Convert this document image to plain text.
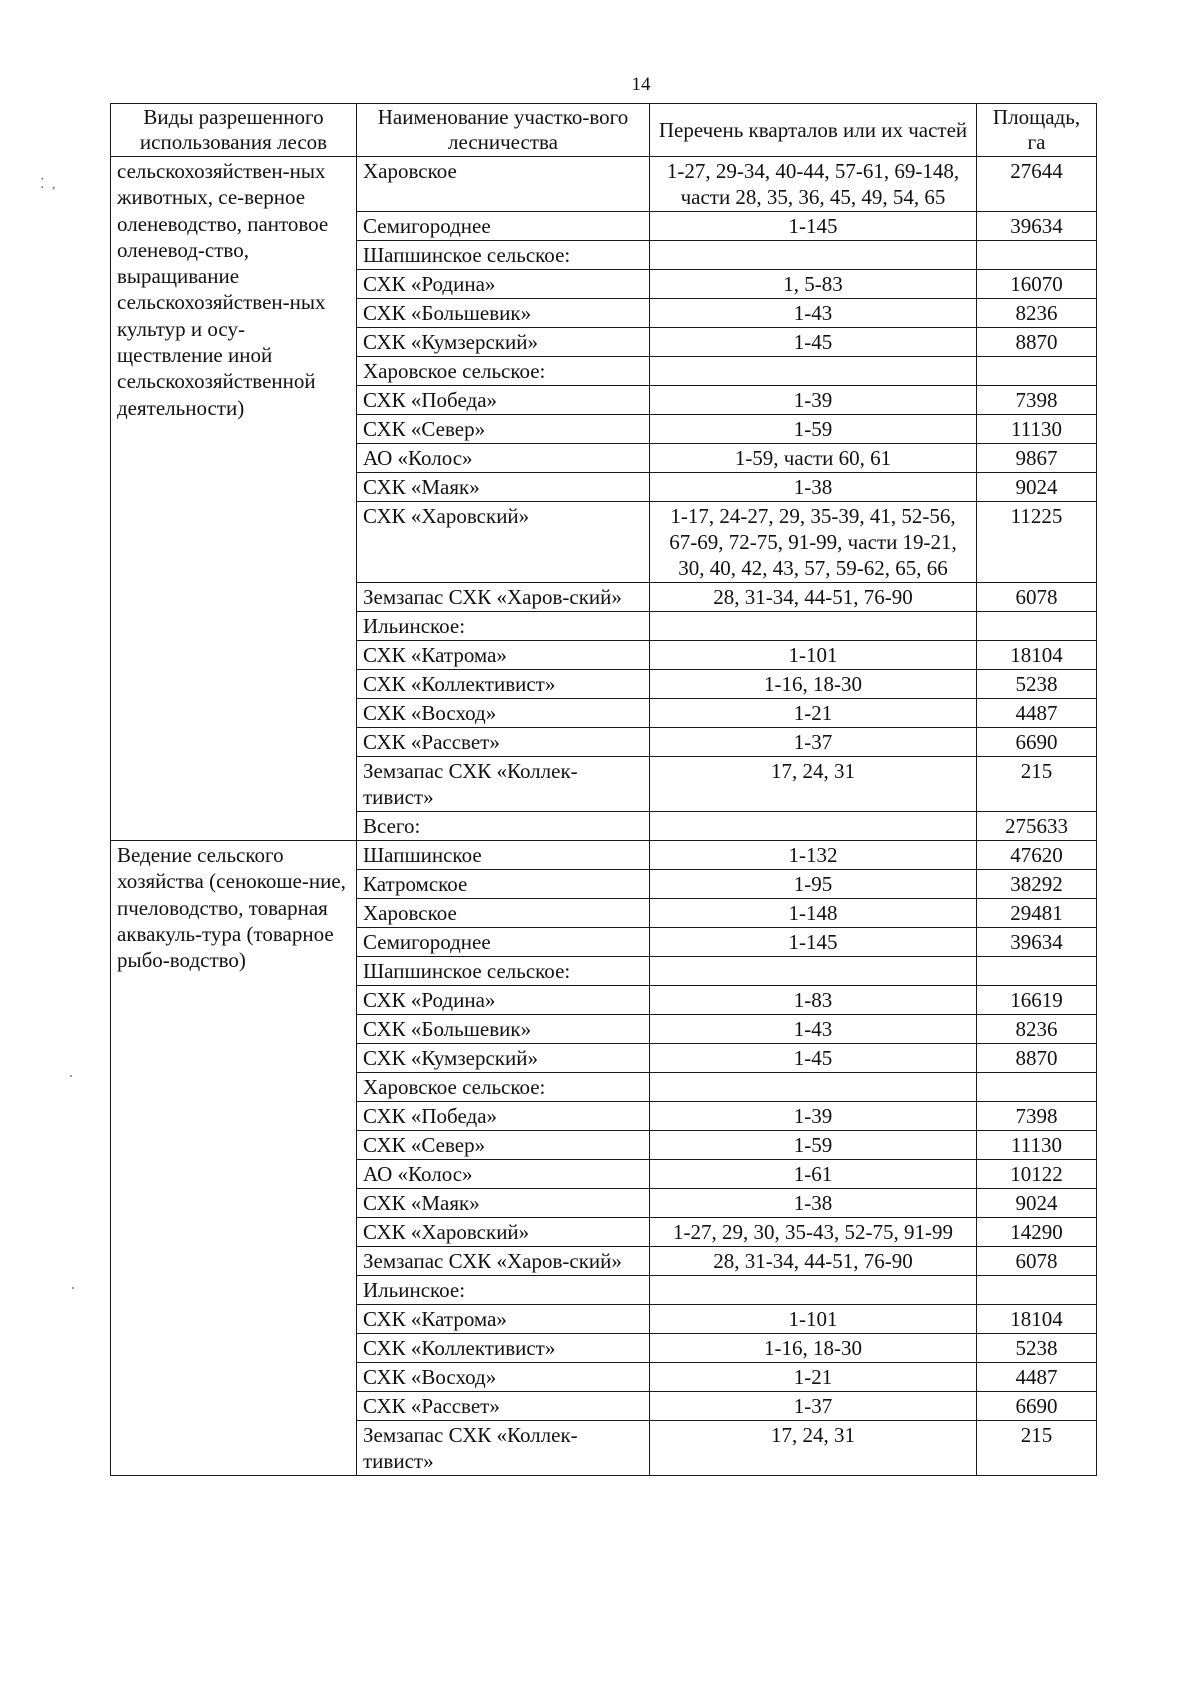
14
⁚ ,
Виды разрешенного использования лесов	Наименование участко-вого лесничества	Перечень кварталов или их частей	Площадь, га
сельскохозяйствен-ных животных, се-верное оленеводство, пантовое оленевод-ство, выращивание сельскохозяйствен-ных культур и осу-ществление иной сельскохозяйственной деятельности)	Харовское	1-27, 29-34, 40-44, 57-61, 69-148, части 28, 35, 36, 45, 49, 54, 65	27644
	Семигороднее	1-145	39634
	Шапшинское сельское:		
	СХК «Родина»	1, 5-83	16070
	СХК «Большевик»	1-43	8236
	СХК «Кумзерский»	1-45	8870
	Харовское сельское:		
	СХК «Победа»	1-39	7398
	СХК «Север»	1-59	11130
	АО «Колос»	1-59, части 60, 61	9867
	СХК «Маяк»	1-38	9024
	СХК «Харовский»	1-17, 24-27, 29, 35-39, 41, 52-56, 67-69, 72-75, 91-99, части 19-21, 30, 40, 42, 43, 57, 59-62, 65, 66	11225
	Земзапас СХК «Харов-ский»	28, 31-34, 44-51, 76-90	6078
	Ильинское:		
	СХК «Катрома»	1-101	18104
	СХК «Коллективист»	1-16, 18-30	5238
	СХК «Восход»	1-21	4487
	СХК «Рассвет»	1-37	6690
	Земзапас СХК «Коллек-тивист»	17, 24, 31	215
	Всего:		275633
Ведение сельского хозяйства (сенокоше-ние, пчеловодство, товарная аквакуль-тура (товарное рыбо-водство)	Шапшинское	1-132	47620
	Катромское	1-95	38292
	Харовское	1-148	29481
	Семигороднее	1-145	39634
	Шапшинское сельское:		
	СХК «Родина»	1-83	16619
	СХК «Большевик»	1-43	8236
	СХК «Кумзерский»	1-45	8870
	Харовское сельское:		
	СХК «Победа»	1-39	7398
	СХК «Север»	1-59	11130
	АО «Колос»	1-61	10122
	СХК «Маяк»	1-38	9024
	СХК «Харовский»	1-27, 29, 30, 35-43, 52-75, 91-99	14290
	Земзапас СХК «Харов-ский»	28, 31-34, 44-51, 76-90	6078
	Ильинское:		
	СХК «Катрома»	1-101	18104
	СХК «Коллективист»	1-16, 18-30	5238
	СХК «Восход»	1-21	4487
	СХК «Рассвет»	1-37	6690
	Земзапас СХК «Коллек-тивист»	17, 24, 31	215
